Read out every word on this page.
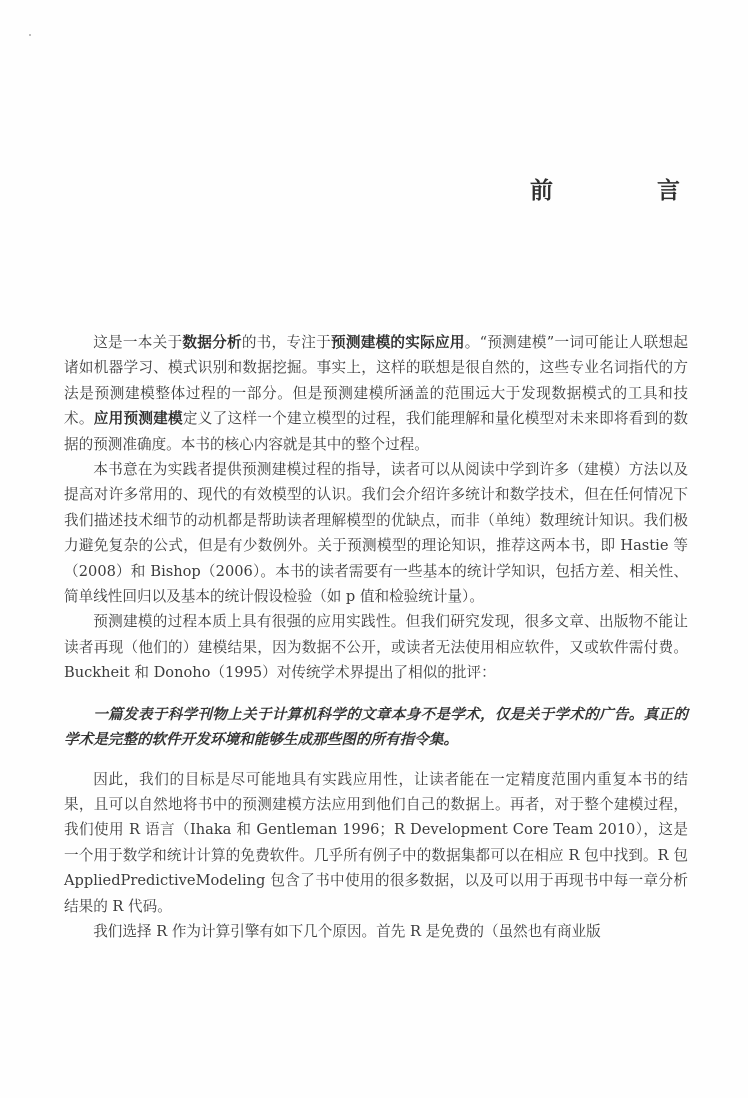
前 言

这是一本关于数据分析的书，专注于预测建模的实际应用。“预测建模”一词可能让人联想起诸如机器学习、模式识别和数据挖掘。事实上，这样的联想是很自然的，这些专业名词指代的方法是预测建模整体过程的一部分。但是预测建模所涵盖的范围远大于发现数据模式的工具和技术。应用预测建模定义了这样一个建立模型的过程，我们能理解和量化模型对未来即将看到的数据的预测准确度。本书的核心内容就是其中的整个过程。

本书意在为实践者提供预测建模过程的指导，读者可以从阅读中学到许多（建模）方法以及提高对许多常用的、现代的有效模型的认识。我们会介绍许多统计和数学技术，但在任何情况下我们描述技术细节的动机都是帮助读者理解模型的优缺点，而非（单纯）数理统计知识。我们极力避免复杂的公式，但是有少数例外。关于预测模型的理论知识，推荐这两本书，即 Hastie 等（2008）和 Bishop（2006）。本书的读者需要有一些基本的统计学知识，包括方差、相关性、简单线性回归以及基本的统计假设检验（如 p 值和检验统计量）。

预测建模的过程本质上具有很强的应用实践性。但我们研究发现，很多文章、出版物不能让读者再现（他们的）建模结果，因为数据不公开，或读者无法使用相应软件，又或软件需付费。Buckheit 和 Donoho（1995）对传统学术界提出了相似的批评：

一篇发表于科学刊物上关于计算机科学的文章本身不是学术，仅是关于学术的广告。真正的学术是完整的软件开发环境和能够生成那些图的所有指令集。

因此，我们的目标是尽可能地具有实践应用性，让读者能在一定精度范围内重复本书的结果，且可以自然地将书中的预测建模方法应用到他们自己的数据上。再者，对于整个建模过程，我们使用 R 语言（Ihaka 和 Gentleman 1996；R Development Core Team 2010），这是一个用于数学和统计计算的免费软件。几乎所有例子中的数据集都可以在相应 R 包中找到。R 包 AppliedPredictiveModeling 包含了书中使用的很多数据，以及可以用于再现书中每一章分析结果的 R 代码。

我们选择 R 作为计算引擎有如下几个原因。首先 R 是免费的（虽然也有商业版
